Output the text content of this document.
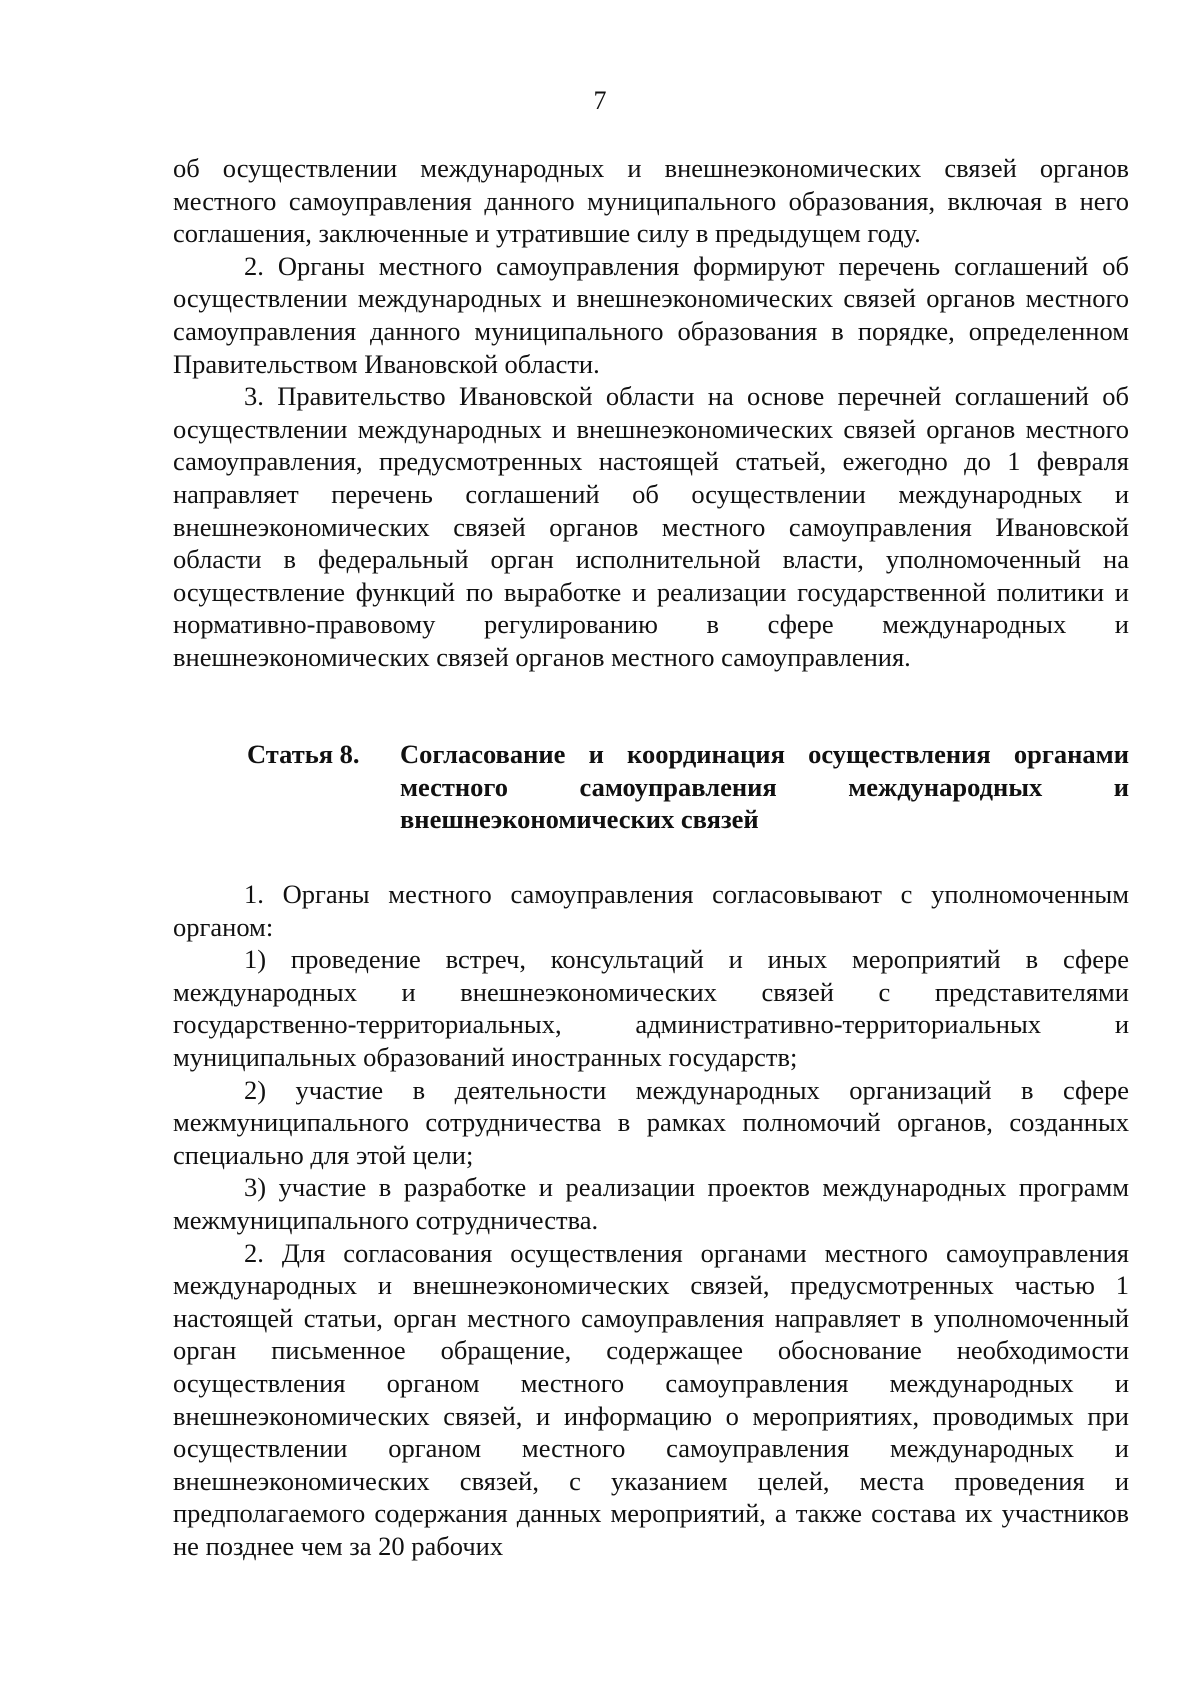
7

об осуществлении международных и внешнеэкономических связей органов местного самоуправления данного муниципального образования, включая в него соглашения, заключенные и утратившие силу в предыдущем году.

2. Органы местного самоуправления формируют перечень соглашений об осуществлении международных и внешнеэкономических связей органов местного самоуправления данного муниципального образования в порядке, определенном Правительством Ивановской области.

3. Правительство Ивановской области на основе перечней соглашений об осуществлении международных и внешнеэкономических связей органов местного самоуправления, предусмотренных настоящей статьей, ежегодно до 1 февраля направляет перечень соглашений об осуществлении международных и внешнеэкономических связей органов местного самоуправления Ивановской области в федеральный орган исполнительной власти, уполномоченный на осуществление функций по выработке и реализации государственной политики и нормативно-правовому регулированию в сфере международных и внешнеэкономических связей органов местного самоуправления.

Статья 8. Согласование и координация осуществления органами местного самоуправления международных и внешнеэкономических связей

1. Органы местного самоуправления согласовывают с уполномоченным органом:

1) проведение встреч, консультаций и иных мероприятий в сфере международных и внешнеэкономических связей с представителями государственно-территориальных, административно-территориальных и муниципальных образований иностранных государств;

2) участие в деятельности международных организаций в сфере межмуниципального сотрудничества в рамках полномочий органов, созданных специально для этой цели;

3) участие в разработке и реализации проектов международных программ межмуниципального сотрудничества.

2. Для согласования осуществления органами местного самоуправления международных и внешнеэкономических связей, предусмотренных частью 1 настоящей статьи, орган местного самоуправления направляет в уполномоченный орган письменное обращение, содержащее обоснование необходимости осуществления органом местного самоуправления международных и внешнеэкономических связей, и информацию о мероприятиях, проводимых при осуществлении органом местного самоуправления международных и внешнеэкономических связей, с указанием целей, места проведения и предполагаемого содержания данных мероприятий, а также состава их участников не позднее чем за 20 рабочих
